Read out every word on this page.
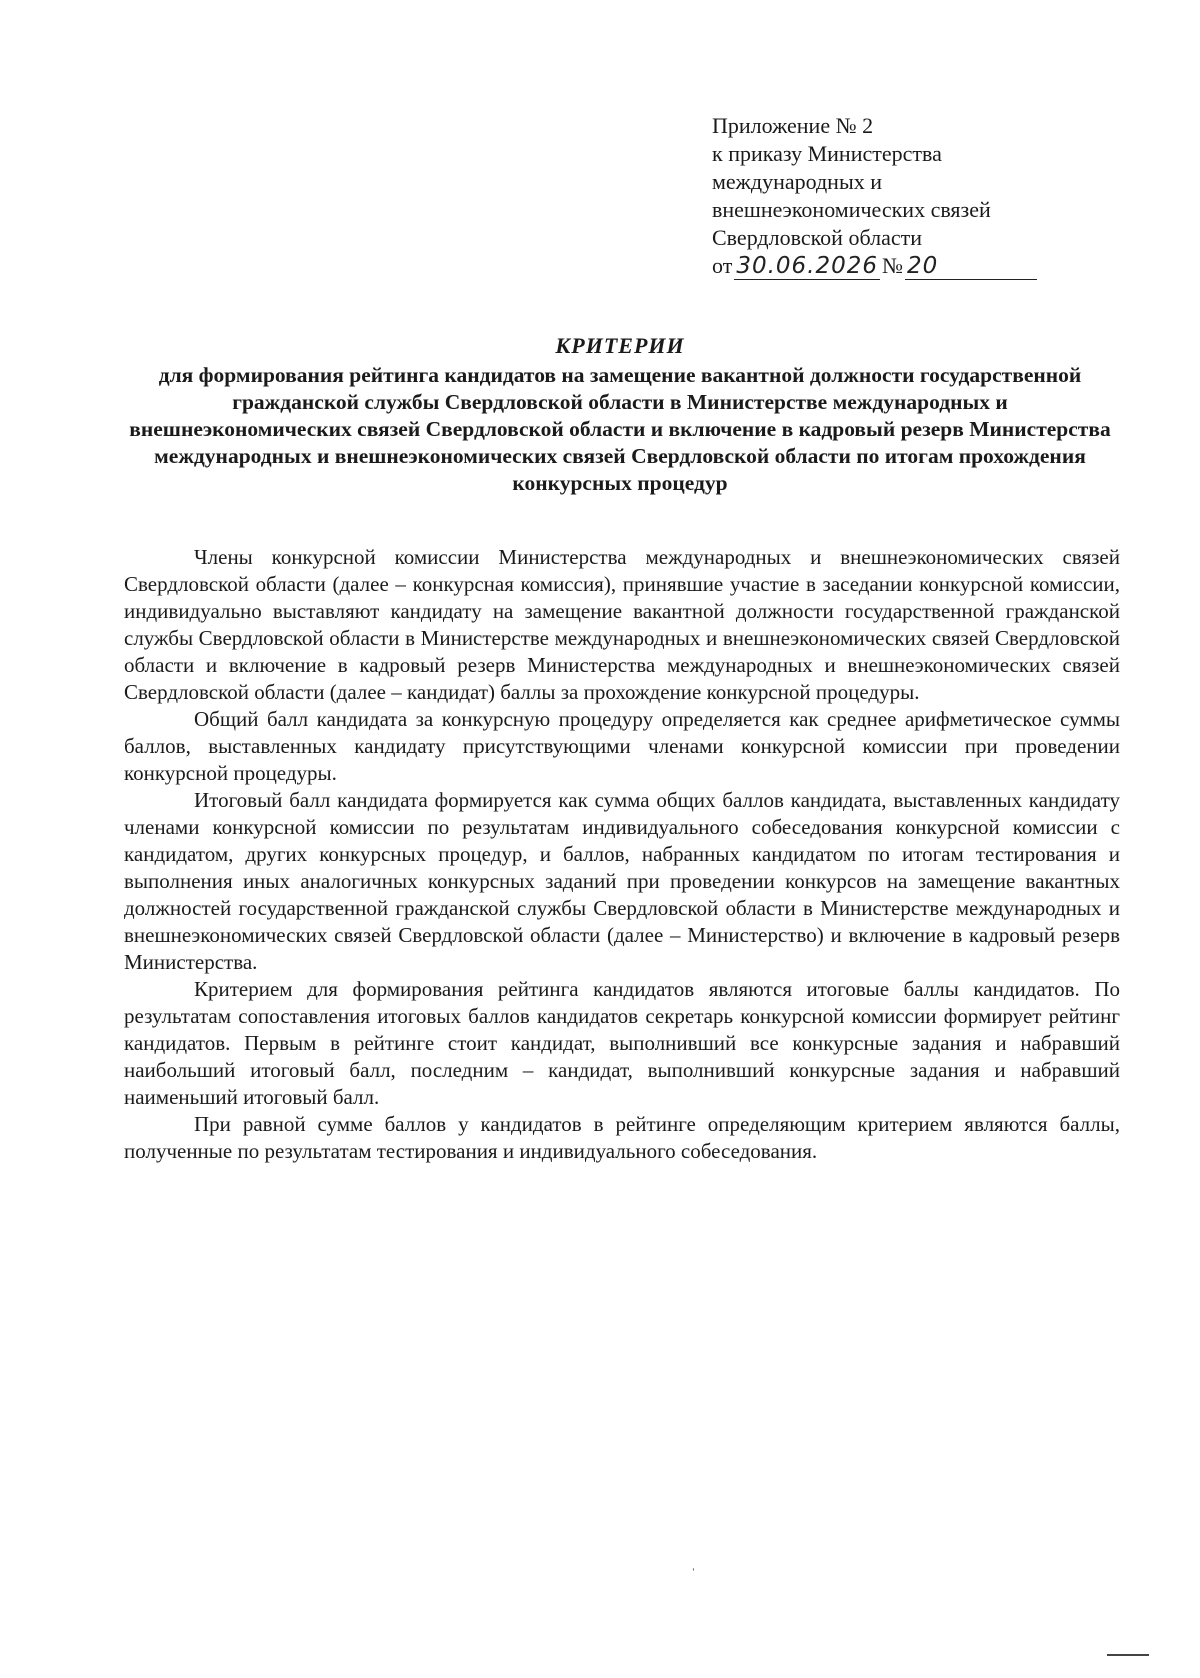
Приложение № 2
к приказу Министерства
международных и
внешнеэкономических связей
Свердловской области
от 30.06.2026 № 20
КРИТЕРИИ
для формирования рейтинга кандидатов на замещение вакантной должности государственной гражданской службы Свердловской области в Министерстве международных и внешнеэкономических связей Свердловской области и включение в кадровый резерв Министерства международных и внешнеэкономических связей Свердловской области по итогам прохождения конкурсных процедур

Члены конкурсной комиссии Министерства международных и внешнеэкономических связей Свердловской области (далее – конкурсная комиссия), принявшие участие в заседании конкурсной комиссии, индивидуально выставляют кандидату на замещение вакантной должности государственной гражданской службы Свердловской области в Министерстве международных и внешнеэкономических связей Свердловской области и включение в кадровый резерв Министерства международных и внешнеэкономических связей Свердловской области (далее – кандидат) баллы за прохождение конкурсной процедуры.

Общий балл кандидата за конкурсную процедуру определяется как среднее арифметическое суммы баллов, выставленных кандидату присутствующими членами конкурсной комиссии при проведении конкурсной процедуры.

Итоговый балл кандидата формируется как сумма общих баллов кандидата, выставленных кандидату членами конкурсной комиссии по результатам индивидуального собеседования конкурсной комиссии с кандидатом, других конкурсных процедур, и баллов, набранных кандидатом по итогам тестирования и выполнения иных аналогичных конкурсных заданий при проведении конкурсов на замещение вакантных должностей государственной гражданской службы Свердловской области в Министерстве международных и внешнеэкономических связей Свердловской области (далее – Министерство) и включение в кадровый резерв Министерства.

Критерием для формирования рейтинга кандидатов являются итоговые баллы кандидатов. По результатам сопоставления итоговых баллов кандидатов секретарь конкурсной комиссии формирует рейтинг кандидатов. Первым в рейтинге стоит кандидат, выполнивший все конкурсные задания и набравший наибольший итоговый балл, последним – кандидат, выполнивший конкурсные задания и набравший наименьший итоговый балл.

При равной сумме баллов у кандидатов в рейтинге определяющим критерием являются баллы, полученные по результатам тестирования и индивидуального собеседования.

ˈ
